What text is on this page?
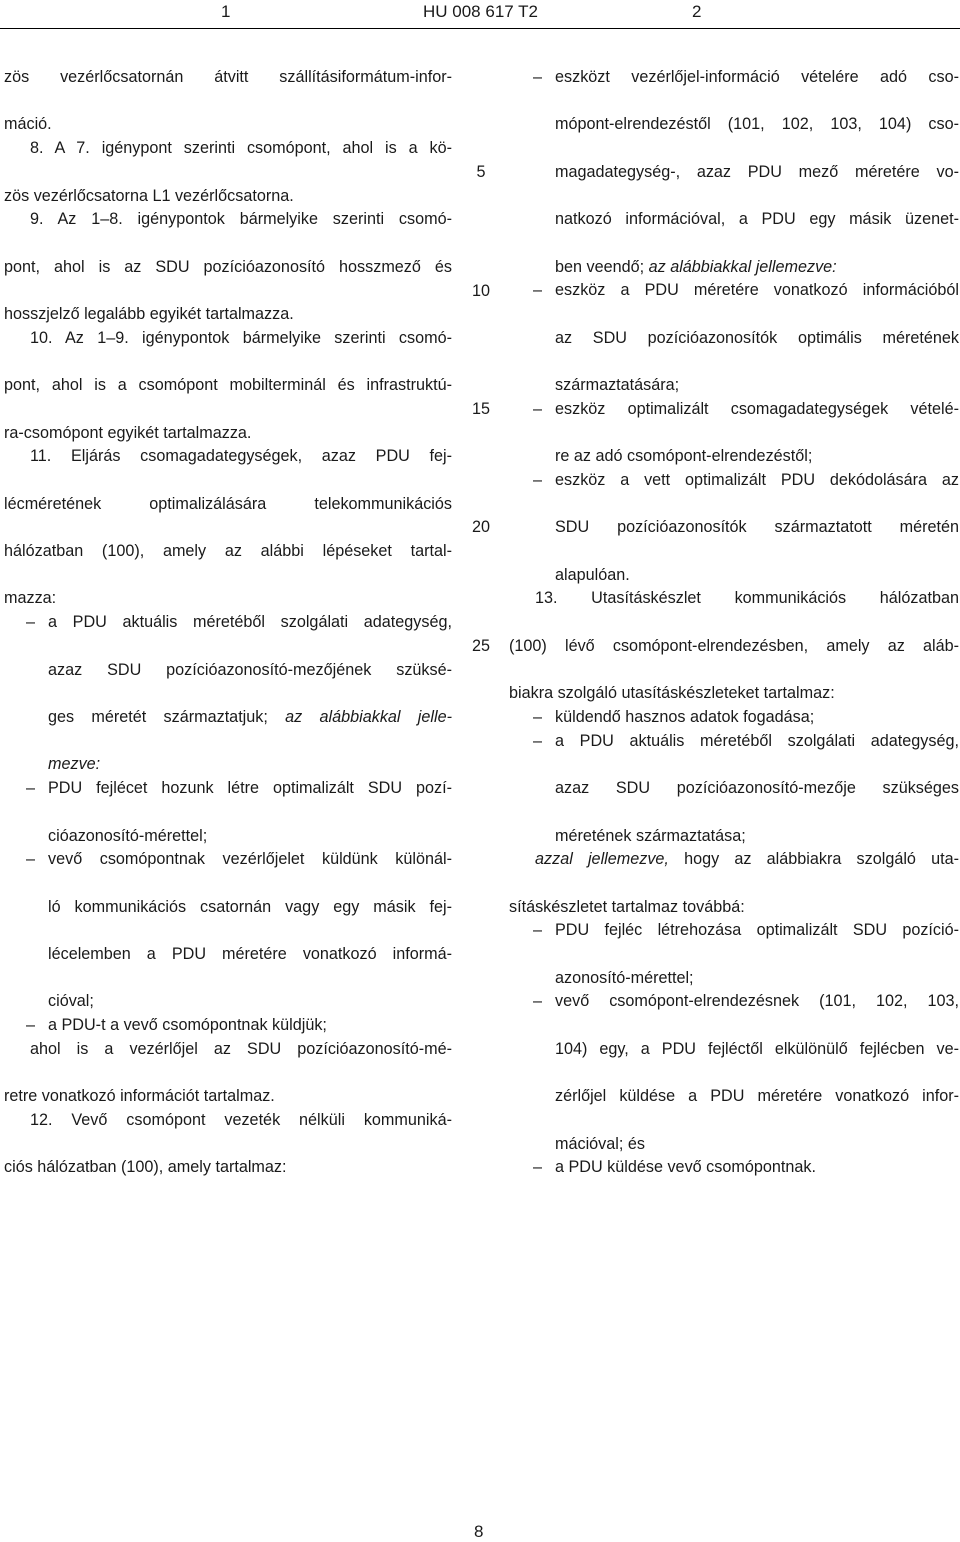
1	HU 008 617 T2	2
zös vezérlőcsatornán átvitt szállításiformátum-infor-
máció.
8. A 7. igénypont szerinti csomópont, ahol is a kö-
zös vezérlőcsatorna L1 vezérlőcsatorna.
9. Az 1–8. igénypontok bármelyike szerinti csomó-
pont, ahol is az SDU pozícióazonosító hosszmező és
hosszjelző legalább egyikét tartalmazza.
10. Az 1–9. igénypontok bármelyike szerinti csomó-
pont, ahol is a csomópont mobilterminál és infrastruktú-
ra-csomópont egyikét tartalmazza.
11. Eljárás csomagadategységek, azaz PDU fej-
lécméretének optimalizálására telekommunikációs
hálózatban (100), amely az alábbi lépéseket tartal-
mazza:
– a PDU aktuális méretéből szolgálati adategység,
azaz SDU pozícióazonosító-mezőjének szüksé-
ges méretét származtatjuk; az alábbiakkal jelle-
mezve:
– PDU fejlécet hozunk létre optimalizált SDU pozí-
cióazonosító-mérettel;
– vevő csomópontnak vezérlőjelet küldünk különál-
ló kommunikációs csatornán vagy egy másik fej-
lécelemben a PDU méretére vonatkozó informá-
cióval;
– a PDU-t a vevő csomópontnak küldjük;
ahol is a vezérlőjel az SDU pozícióazonosító-mé-
retre vonatkozó információt tartalmaz.
12. Vevő csomópont vezeték nélküli kommuniká-
ciós hálózatban (100), amely tartalmaz:
5
10
15
20
25
– eszközt vezérlőjel-információ vételére adó cso-
mópont-elrendezéstől (101, 102, 103, 104) cso-
magadategység-, azaz PDU mező méretére vo-
natkozó információval, a PDU egy másik üzenet-
ben veendő; az alábbiakkal jellemezve:
– eszköz a PDU méretére vonatkozó információból
az SDU pozícióazonosítók optimális méretének
származtatására;
– eszköz optimalizált csomagadategységek vételé-
re az adó csomópont-elrendezéstől;
– eszköz a vett optimalizált PDU dekódolására az
SDU pozícióazonosítók származtatott méretén
alapulóan.
13. Utasításkészlet kommunikációs hálózatban
(100) lévő csomópont-elrendezésben, amely az aláb-
biakra szolgáló utasításkészleteket tartalmaz:
– küldendő hasznos adatok fogadása;
– a PDU aktuális méretéből szolgálati adategység,
azaz SDU pozícióazonosító-mezője szükséges
méretének származtatása;
azzal jellemezve, hogy az alábbiakra szolgáló uta-
sításkészletet tartalmaz továbbá:
– PDU fejléc létrehozása optimalizált SDU pozíció-
azonosító-mérettel;
– vevő csomópont-elrendezésnek (101, 102, 103,
104) egy, a PDU fejléctől elkülönülő fejlécben ve-
zérlőjel küldése a PDU méretére vonatkozó infor-
mációval; és
– a PDU küldése vevő csomópontnak.
8
